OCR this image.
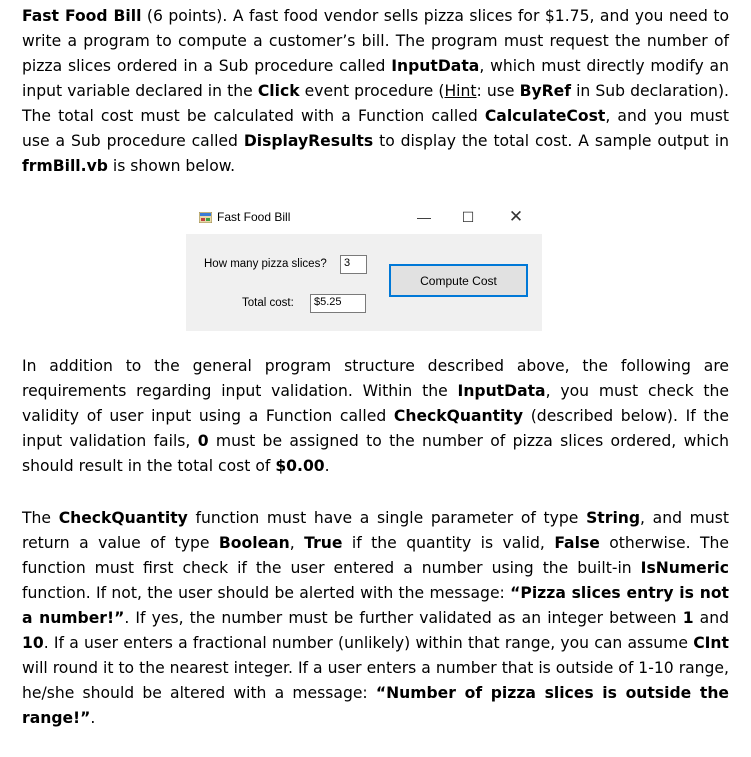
Fast Food Bill (6 points). A fast food vendor sells pizza slices for $1.75, and you need to write a program to compute a customer’s bill. The program must request the number of pizza slices ordered in a Sub procedure called InputData, which must directly modify an input variable declared in the Click event procedure (Hint: use ByRef in Sub declaration). The total cost must be calculated with a Function called CalculateCost, and you must use a Sub procedure called DisplayResults to display the total cost. A sample output in frmBill.vb is shown below.

Fast Food Bill	—	☐	✕
How many pizza slices?	3
Total cost:	$5.25
Compute Cost

In addition to the general program structure described above, the following are requirements regarding input validation. Within the InputData, you must check the validity of user input using a Function called CheckQuantity (described below). If the input validation fails, 0 must be assigned to the number of pizza slices ordered, which should result in the total cost of $0.00.

The CheckQuantity function must have a single parameter of type String, and must return a value of type Boolean, True if the quantity is valid, False otherwise. The function must first check if the user entered a number using the built-in IsNumeric function. If not, the user should be alerted with the message: “Pizza slices entry is not a number!”. If yes, the number must be further validated as an integer between 1 and 10. If a user enters a fractional number (unlikely) within that range, you can assume CInt will round it to the nearest integer. If a user enters a number that is outside of 1-10 range, he/she should be altered with a message: “Number of pizza slices is outside the range!”.
